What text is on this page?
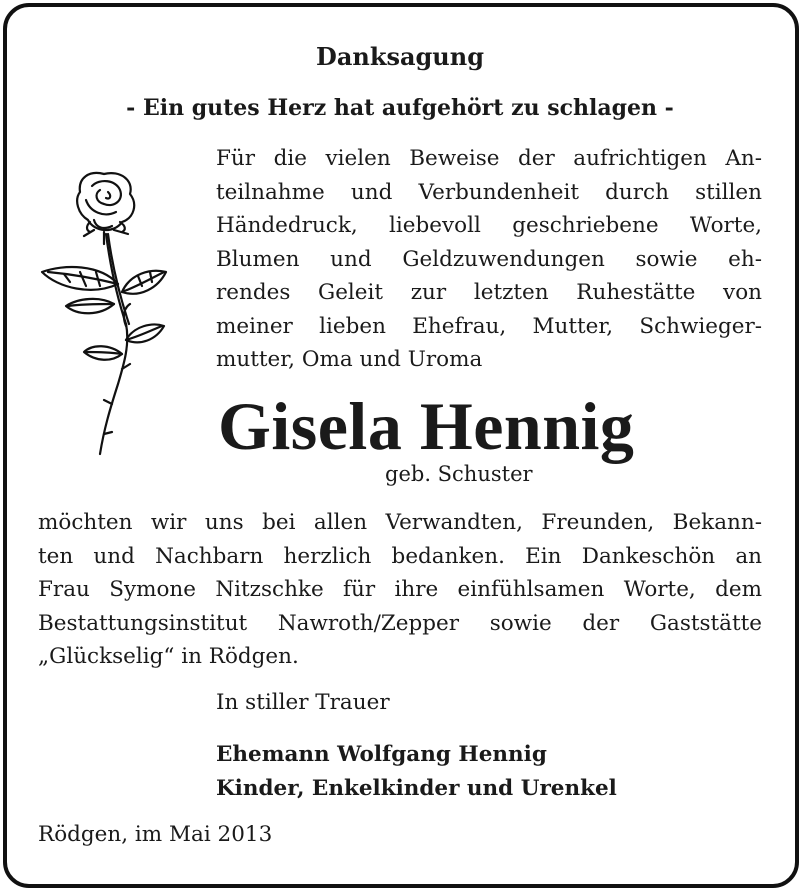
Danksagung
- Ein gutes Herz hat aufgehört zu schlagen -
Für die vielen Beweise der aufrichtigen An-
teilnahme und Verbundenheit durch stillen
Händedruck, liebevoll geschriebene Worte,
Blumen und Geldzuwendungen sowie eh-
rendes Geleit zur letzten Ruhestätte von
meiner lieben Ehefrau, Mutter, Schwieger-
mutter, Oma und Uroma
Gisela Hennig
geb. Schuster
möchten wir uns bei allen Verwandten, Freunden, Bekann-
ten und Nachbarn herzlich bedanken. Ein Dankeschön an
Frau Symone Nitzschke für ihre einfühlsamen Worte, dem
Bestattungsinstitut Nawroth/Zepper sowie der Gaststätte
„Glückselig“ in Rödgen.
In stiller Trauer
Ehemann Wolfgang Hennig
Kinder, Enkelkinder und Urenkel
Rödgen, im Mai 2013
